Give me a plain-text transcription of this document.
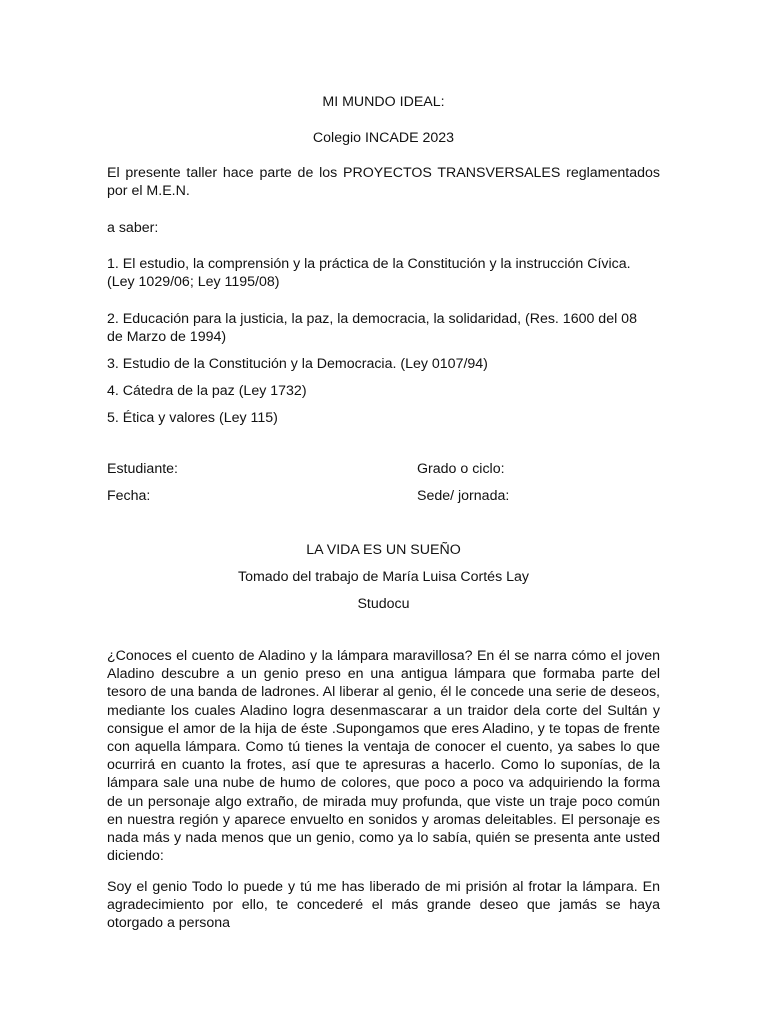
MI MUNDO IDEAL:

Colegio INCADE 2023

El presente taller hace parte de los PROYECTOS TRANSVERSALES reglamentados por el M.E.N.

a saber:

1. El estudio, la comprensión y la práctica de la Constitución y la instrucción Cívica. (Ley 1029/06; Ley 1195/08)

2. Educación para la justicia, la paz, la democracia, la solidaridad, (Res. 1600 del 08 de Marzo de 1994)

3. Estudio de la Constitución y la Democracia. (Ley 0107/94)

4. Cátedra de la paz (Ley 1732)

5. Ética y valores (Ley 115)

Estudiante:	Grado o ciclo:

Fecha:	Sede/ jornada:

LA VIDA ES UN SUEÑO

Tomado del trabajo de María Luisa Cortés Lay

Studocu

¿Conoces el cuento de Aladino y la lámpara maravillosa? En él se narra cómo el joven Aladino descubre a un genio preso en una antigua lámpara que formaba parte del tesoro de una banda de ladrones. Al liberar al genio, él le concede una serie de deseos, mediante los cuales Aladino logra desenmascarar a un traidor dela corte del Sultán y consigue el amor de la hija de éste .Supongamos que eres Aladino, y te topas de frente con aquella lámpara. Como tú tienes la ventaja de conocer el cuento, ya sabes lo que ocurrirá en cuanto la frotes, así que te apresuras a hacerlo. Como lo suponías, de la lámpara sale una nube de humo de colores, que poco a poco va adquiriendo la forma de un personaje algo extraño, de mirada muy profunda, que viste un traje poco común en nuestra región y aparece envuelto en sonidos y aromas deleitables. El personaje es nada más y nada menos que un genio, como ya lo sabía, quién se presenta ante usted diciendo:

Soy el genio Todo lo puede y tú me has liberado de mi prisión al frotar la lámpara. En agradecimiento por ello, te concederé el más grande deseo que jamás se haya otorgado a persona
